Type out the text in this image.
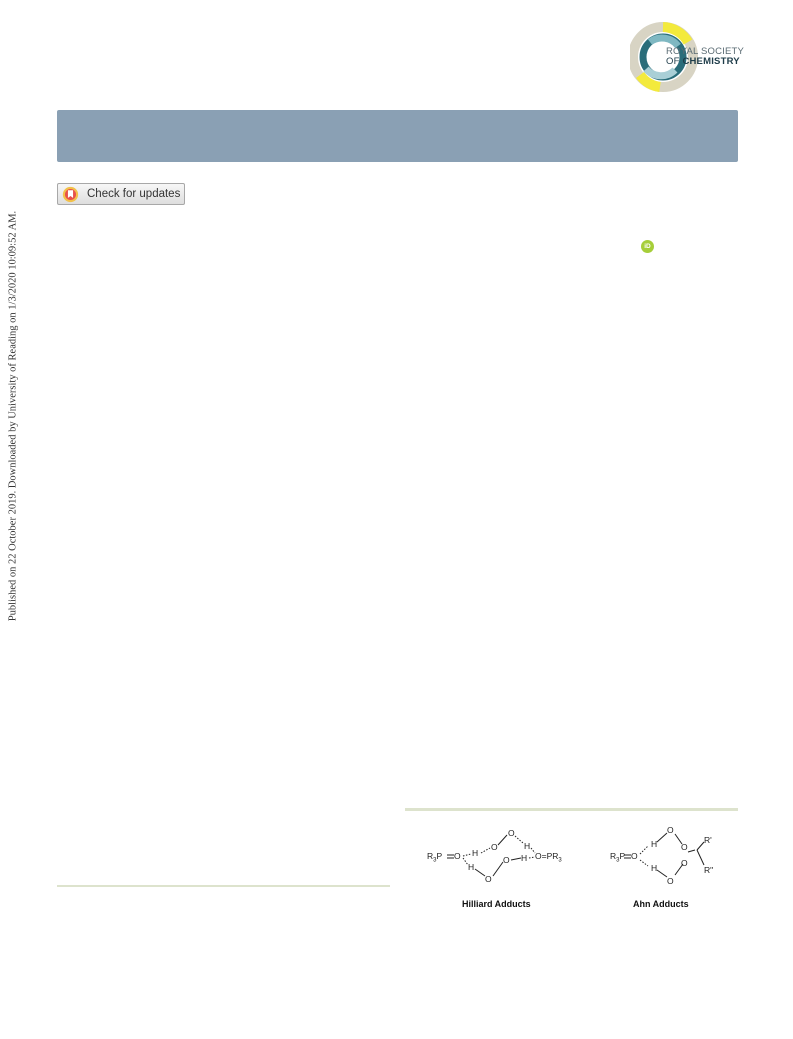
Published on 22 October 2019. Downloaded by University of Reading on 1/3/2020 10:09:52 AM.
ROYAL SOCIETY
OF CHEMISTRY
Check for updates
iD
$R_3P$ O H
O
O
H
H
O
O H $O=PR_3$
Hilliard Adducts
$R_3P$ O
H
O
O
R'
R"
H
O
O
Ahn Adducts
